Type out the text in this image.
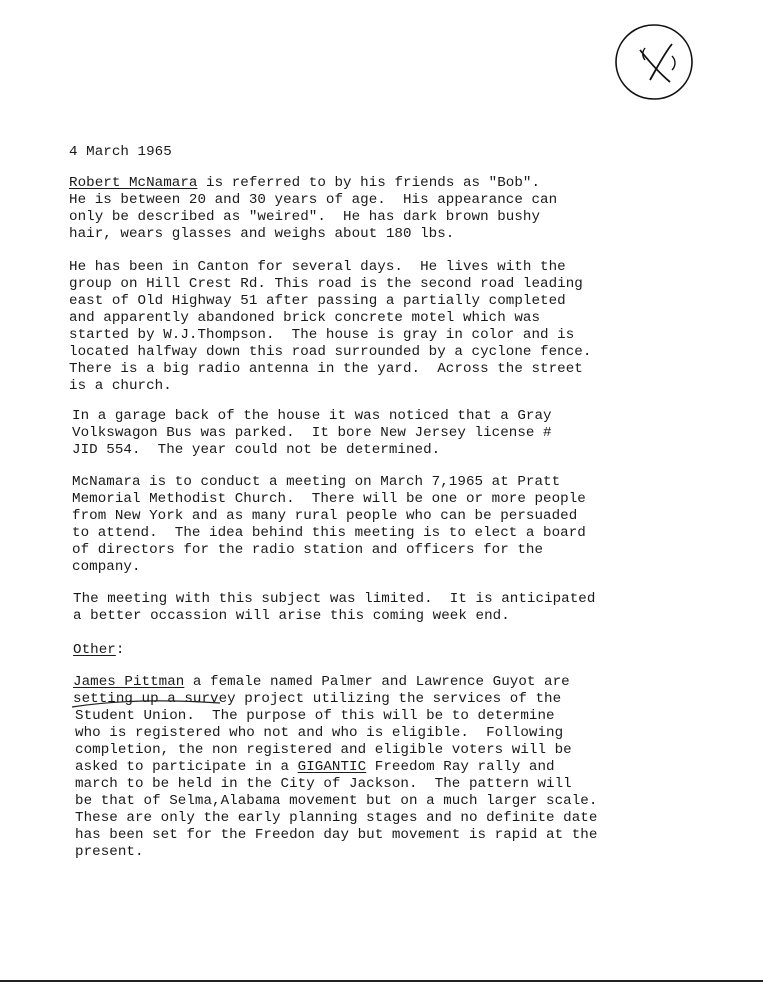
4 March 1965
Robert McNamara is referred to by his friends as "Bob".
He is between 20 and 30 years of age.  His appearance can
only be described as "weired".  He has dark brown bushy
hair, wears glasses and weighs about 180 lbs.
He has been in Canton for several days.  He lives with the
group on Hill Crest Rd. This road is the second road leading
east of Old Highway 51 after passing a partially completed
and apparently abandoned brick concrete motel which was
started by W.J.Thompson.  The house is gray in color and is
located halfway down this road surrounded by a cyclone fence.
There is a big radio antenna in the yard.  Across the street
is a church.
In a garage back of the house it was noticed that a Gray
Volkswagon Bus was parked.  It bore New Jersey license #
JID 554.  The year could not be determined.
McNamara is to conduct a meeting on March 7,1965 at Pratt
Memorial Methodist Church.  There will be one or more people
from New York and as many rural people who can be persuaded
to attend.  The idea behind this meeting is to elect a board
of directors for the radio station and officers for the
company.
The meeting with this subject was limited.  It is anticipated
a better occassion will arise this coming week end.
Other:
James Pittman a female named Palmer and Lawrence Guyot are
setting up a survey project utilizing the services of the
Student Union.  The purpose of this will be to determine
who is registered who not and who is eligible.  Following
completion, the non registered and eligible voters will be
asked to participate in a GIGANTIC Freedom Ray rally and
march to be held in the City of Jackson.  The pattern will
be that of Selma,Alabama movement but on a much larger scale.
These are only the early planning stages and no definite date
has been set for the Freedon day but movement is rapid at the
present.
